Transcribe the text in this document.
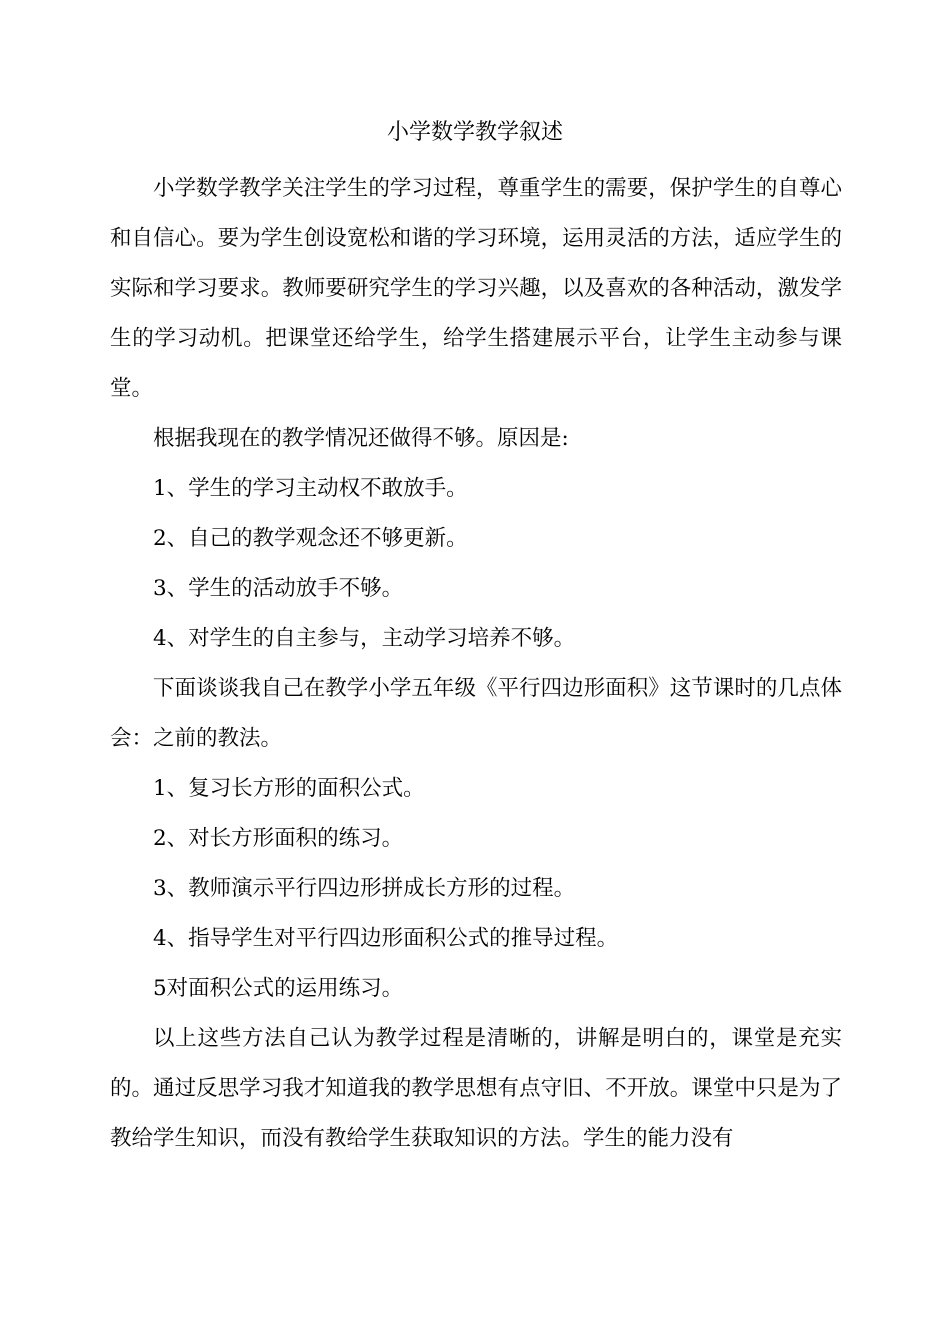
小学数学教学叙述

小学数学教学关注学生的学习过程，尊重学生的需要，保护学生的自尊心和自信心。要为学生创设宽松和谐的学习环境，运用灵活的方法，适应学生的实际和学习要求。教师要研究学生的学习兴趣，以及喜欢的各种活动，激发学生的学习动机。把课堂还给学生，给学生搭建展示平台，让学生主动参与课堂。

根据我现在的教学情况还做得不够。原因是:

1、学生的学习主动权不敢放手。

2、自己的教学观念还不够更新。

3、学生的活动放手不够。

4、对学生的自主参与，主动学习培养不够。

下面谈谈我自己在教学小学五年级《平行四边形面积》这节课时的几点体会：之前的教法。

1、复习长方形的面积公式。

2、对长方形面积的练习。

3、教师演示平行四边形拼成长方形的过程。

4、指导学生对平行四边形面积公式的推导过程。

5对面积公式的运用练习。

以上这些方法自己认为教学过程是清晰的，讲解是明白的，课堂是充实的。通过反思学习我才知道我的教学思想有点守旧、不开放。课堂中只是为了教给学生知识，而没有教给学生获取知识的方法。学生的能力没有
